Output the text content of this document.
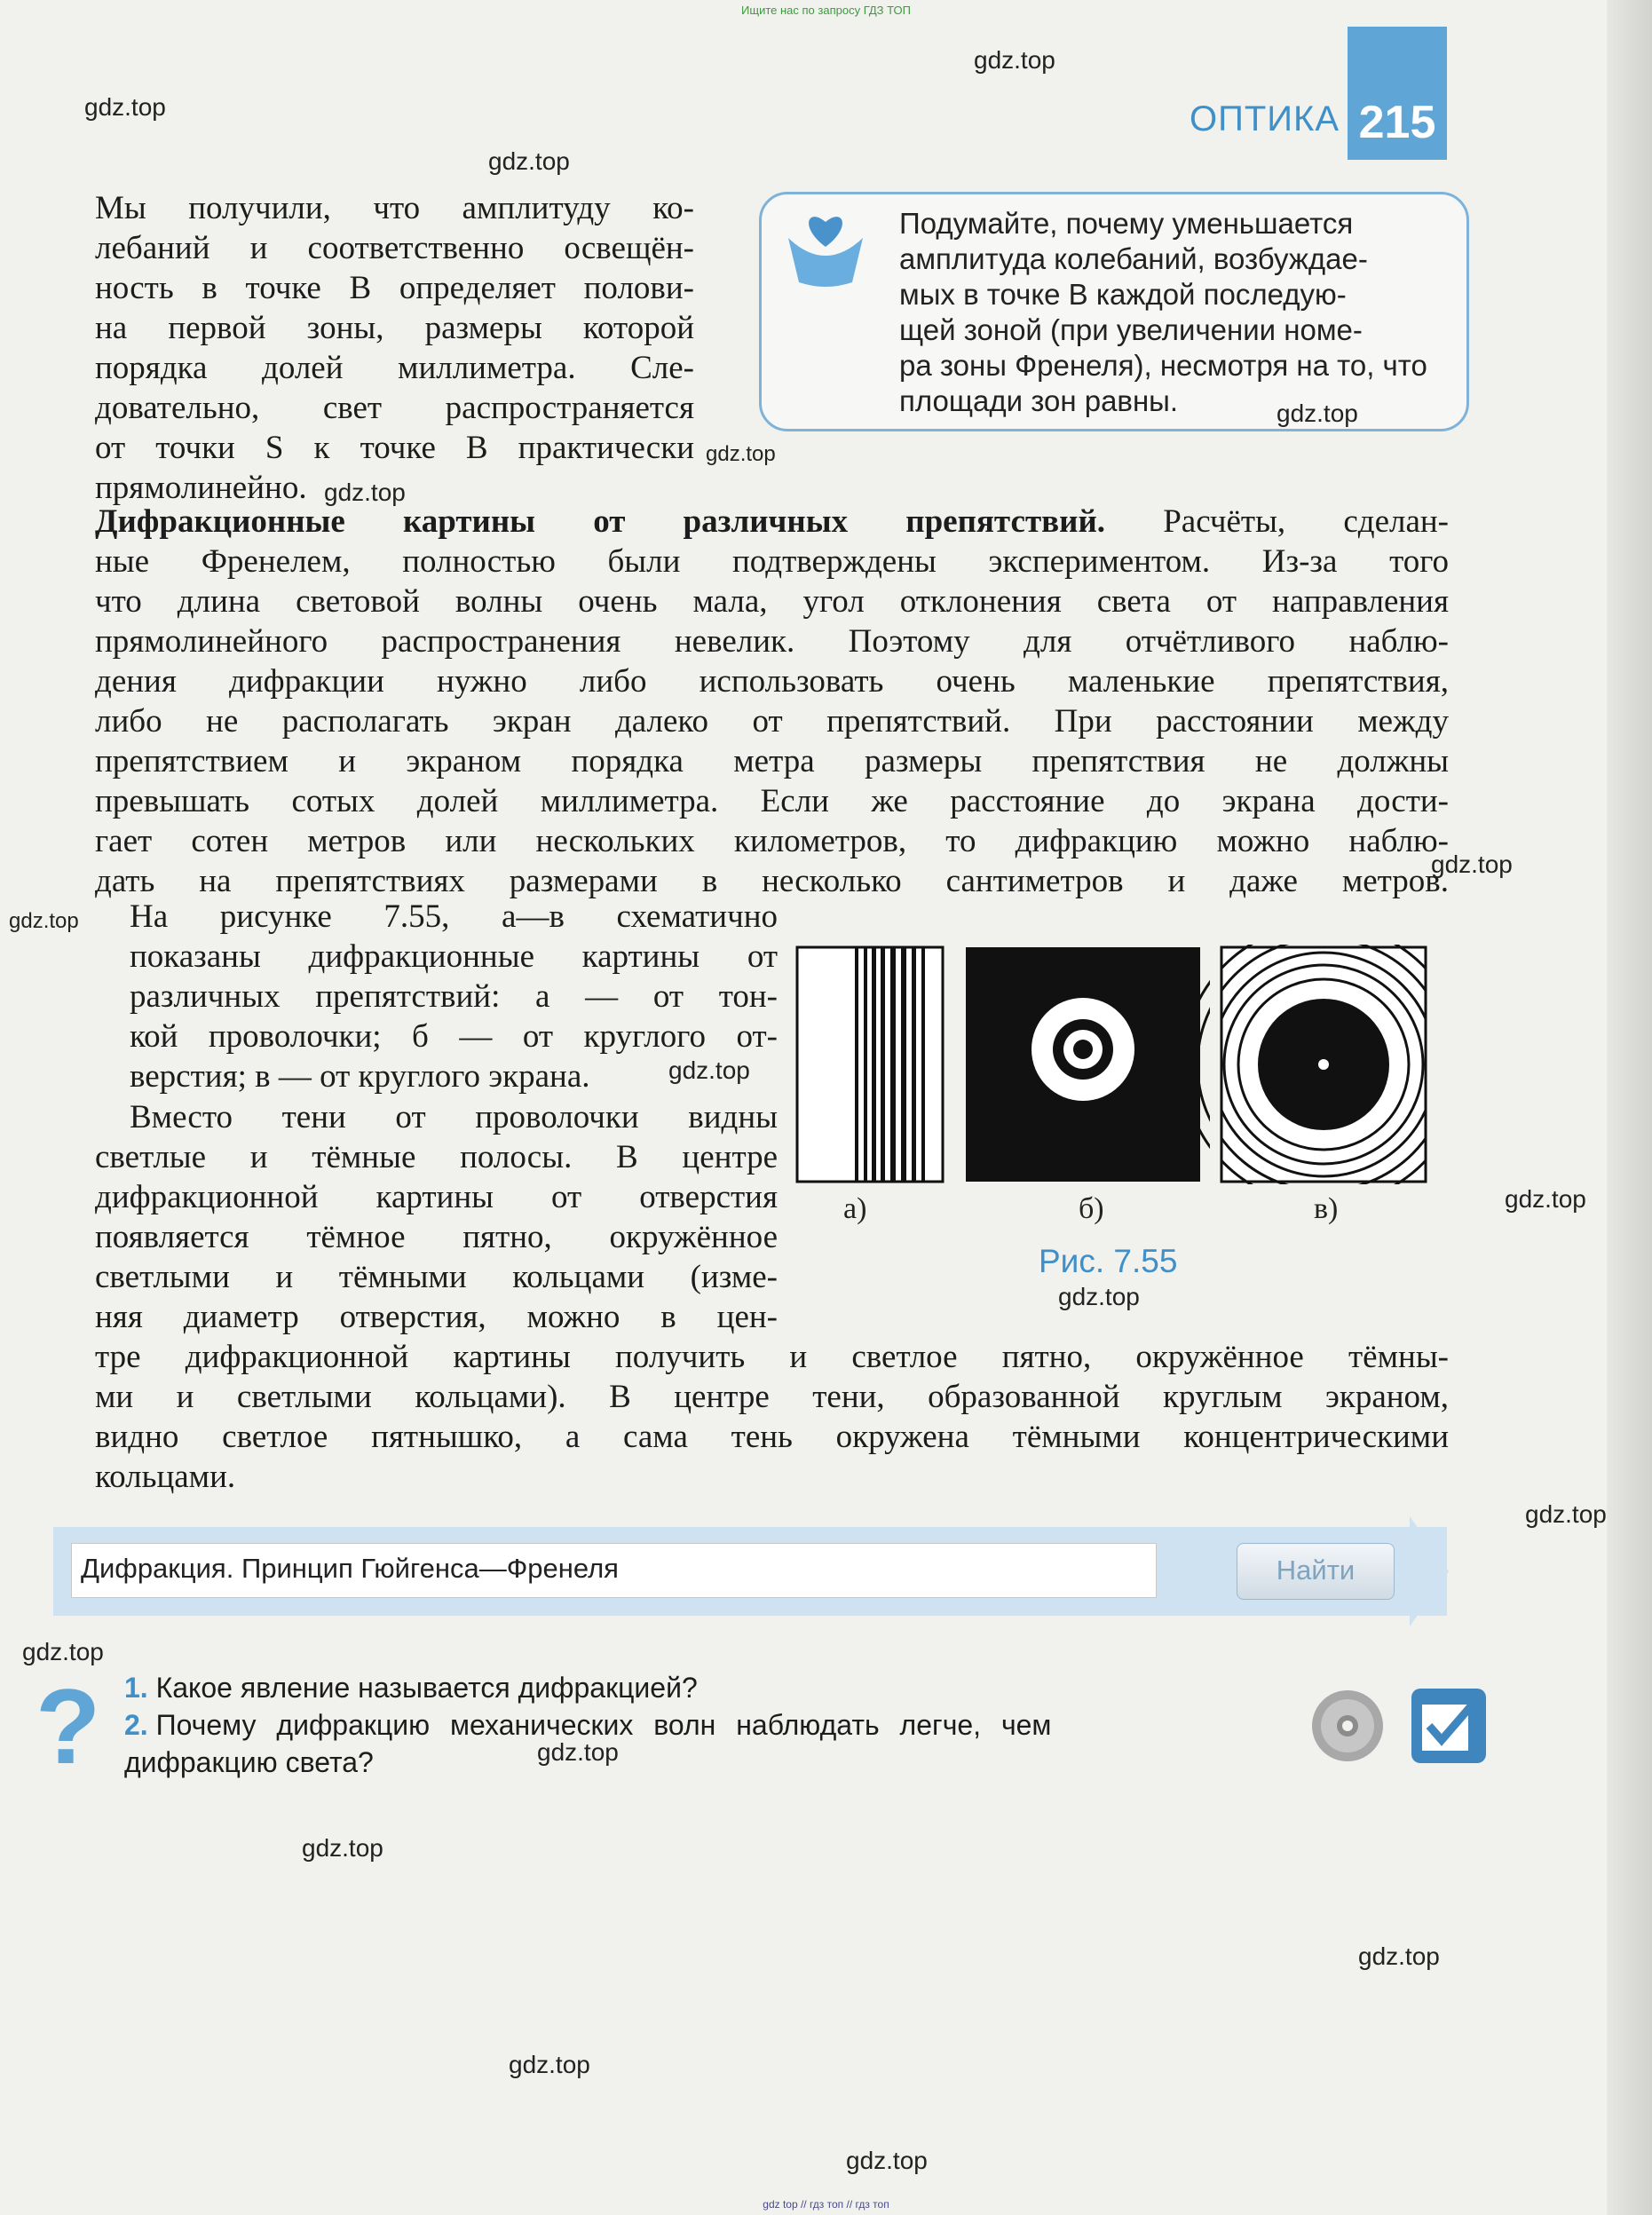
Ищите нас по запросу ГДЗ ТОП
215
ОПТИКА
Мы получили, что амплитуду ко-
лебаний и соответственно освещён-
ность в точке B определяет полови-
на первой зоны, размеры которой
порядка долей миллиметра. Сле-
довательно, свет распространяется
от точки S к точке B практически
прямолинейно.
Подумайте, почему уменьшается
амплитуда колебаний, возбуждае-
мых в точке B каждой последую-
щей зоной (при увеличении номе-
ра зоны Френеля), несмотря на то, что
площади зон равны.
Дифракционные картины от различных препятствий. Расчёты, сделан-
ные Френелем, полностью были подтверждены экспериментом. Из-за того
что длина световой волны очень мала, угол отклонения света от направления
прямолинейного распространения невелик. Поэтому для отчётливого наблю-
дения дифракции нужно либо использовать очень маленькие препятствия,
либо не располагать экран далеко от препятствий. При расстоянии между
препятствием и экраном порядка метра размеры препятствия не должны
превышать сотых долей миллиметра. Если же расстояние до экрана дости-
гает сотен метров или нескольких километров, то дифракцию можно наблю-
дать на препятствиях размерами в несколько сантиметров и даже метров.
На рисунке 7.55, а—в схематично
показаны дифракционные картины от
различных препятствий: а — от тон-
кой проволочки; б — от круглого от-
верстия; в — от круглого экрана.
Вместо тени от проволочки видны
светлые и тёмные полосы. В центре
дифракционной картины от отверстия
появляется тёмное пятно, окружённое
светлыми и тёмными кольцами (изме-
няя диаметр отверстия, можно в цен-
тре дифракционной картины получить и светлое пятно, окружённое тёмны-
ми и светлыми кольцами). В центре тени, образованной круглым экраном,
видно светлое пятнышко, а сама тень окружена тёмными концентрическими
кольцами.
а)	б)	в)
Рис. 7.55
Дифракция. Принцип Гюйгенса—Френеля	Найти
? 1. Какое явление называется дифракцией?
2. Почему дифракцию механических волн наблюдать легче, чем
дифракцию света?
gdz.top
gdz.top
gdz.top
gdz.top
gdz.top
gdz.top
gdz.top
gdz.top
gdz.top
gdz.top
gdz.top
gdz.top
gdz.top
gdz.top
gdz.top
gdz.top
gdz.top
gdz.top
gdz top // гдз топ // гдз топ
